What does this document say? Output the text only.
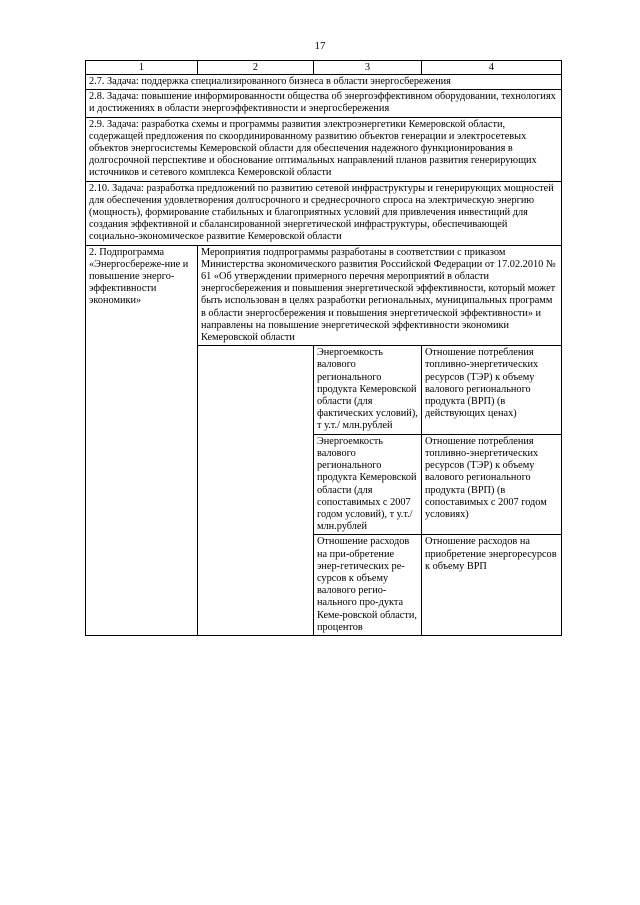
17
1	2	3	4
2.7. Задача: поддержка специализированного бизнеса в области энергосбережения			
2.8. Задача: повышение информированности общества об энергоэффективном оборудовании, технологиях и достижениях в области энергоэффективности и энергосбережения			
2.9. Задача: разработка схемы и программы развития электроэнергетики Кемеровской области, содержащей предложения по скоординированному развитию объектов генерации и электросетевых объектов энергосистемы Кемеровской области для обеспечения надежного функционирования в долгосрочной перспективе и обоснование оптимальных направлений планов развития генерирующих источников и сетевого комплекса Кемеровской области			
2.10. Задача: разработка предложений по развитию сетевой инфраструктуры и генерирующих мощностей для обеспечения удовлетворения долгосрочного и среднесрочного спроса на электрическую энергию (мощность), формирование стабильных и благоприятных условий для привлечения инвестиций для создания эффективной и сбалансированной энергетической инфраструктуры, обеспечивающей социально-экономическое развитие Кемеровской области			
2. Подпрограмма «Энергосбереже-ние и повышение энерго-эффективности экономики»	Мероприятия подпрограммы разработаны в соответствии с приказом Министерства экономического развития Российской Федерации от 17.02.2010 № 61 «Об утверждении примерного перечня мероприятий в области энергосбережения и повышения энергетической эффективности, который может быть использован в целях разработки региональных, муниципальных программ в области энергосбережения и повышения энергетической эффективности» и направлены на повышение энергетической эффективности экономики Кемеровской области		
		Энергоемкость валового регионального продукта Кемеровской области (для фактических условий), т у.т./ млн.рублей	Отношение потребления топливно-энергетических ресурсов (ТЭР) к объему валового регионального продукта (ВРП) (в действующих ценах)
		Энергоемкость валового регионального продукта Кемеровской области (для сопоставимых с 2007 годом условий), т у.т./ млн.рублей	Отношение потребления топливно-энергетических ресурсов (ТЭР) к объему валового регионального продукта (ВРП) (в сопоставимых с 2007 годом условиях)
		Отношение расходов на при-обретение энер-гетических ре-сурсов к объему валового регио-нального про-дукта Кеме-ровской области, процентов	Отношение расходов на приобретение энергоресурсов к объему ВРП
